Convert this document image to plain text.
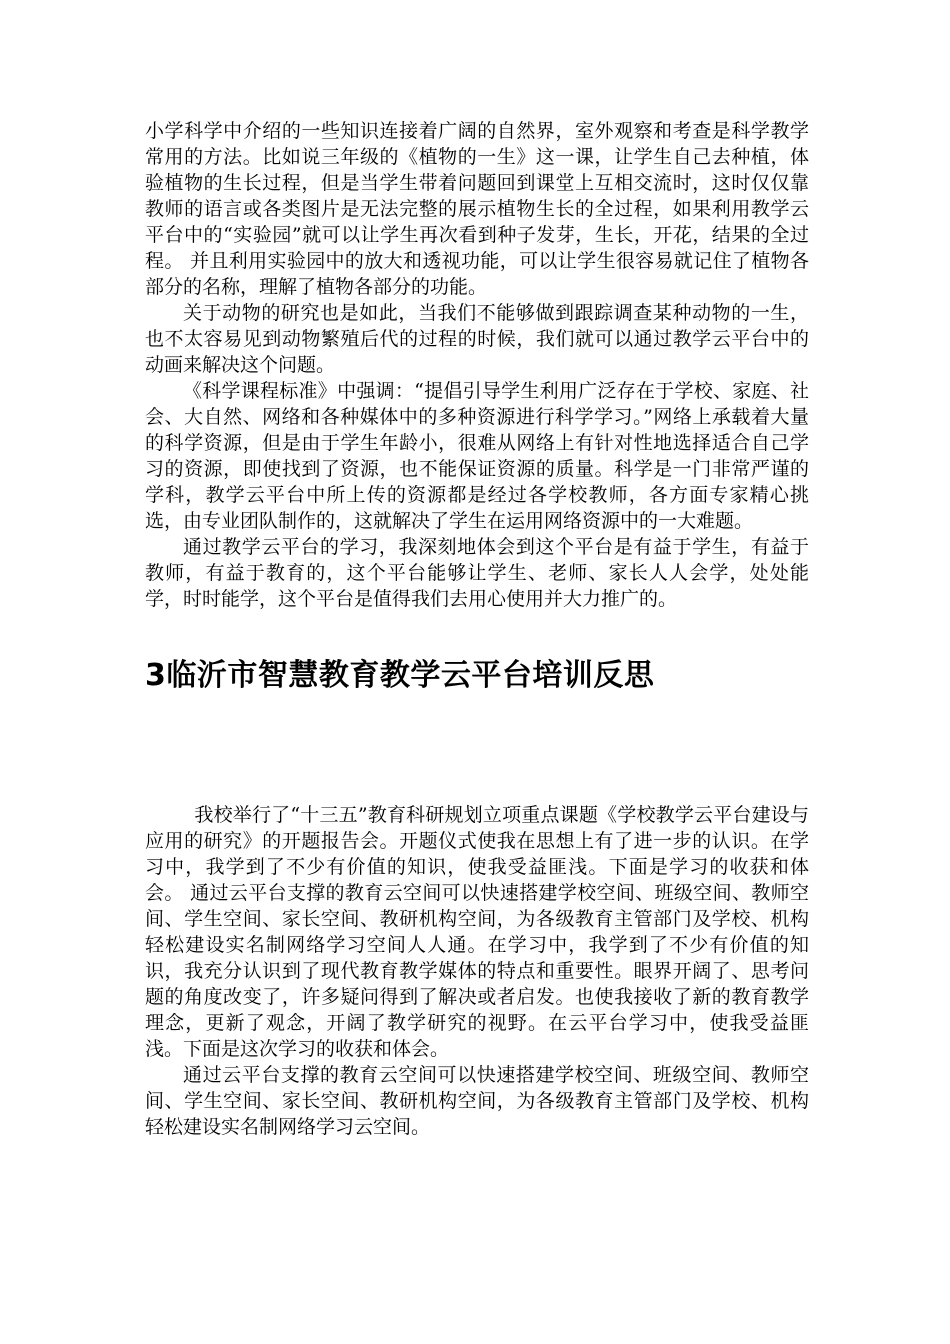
小学科学中介绍的一些知识连接着广阔的自然界，室外观察和考查是科学教学常用的方法。比如说三年级的《植物的一生》这一课，让学生自己去种植，体验植物的生长过程，但是当学生带着问题回到课堂上互相交流时，这时仅仅靠教师的语言或各类图片是无法完整的展示植物生长的全过程，如果利用教学云平台中的“实验园”就可以让学生再次看到种子发芽，生长，开花，结果的全过程。 并且利用实验园中的放大和透视功能，可以让学生很容易就记住了植物各部分的名称，理解了植物各部分的功能。

关于动物的研究也是如此，当我们不能够做到跟踪调查某种动物的一生，也不太容易见到动物繁殖后代的过程的时候，我们就可以通过教学云平台中的动画来解决这个问题。

《科学课程标准》中强调：“提倡引导学生利用广泛存在于学校、家庭、社会、大自然、网络和各种媒体中的多种资源进行科学学习。”网络上承载着大量的科学资源，但是由于学生年龄小，很难从网络上有针对性地选择适合自己学习的资源，即使找到了资源，也不能保证资源的质量。科学是一门非常严谨的学科，教学云平台中所上传的资源都是经过各学校教师，各方面专家精心挑选，由专业团队制作的，这就解决了学生在运用网络资源中的一大难题。

通过教学云平台的学习，我深刻地体会到这个平台是有益于学生，有益于教师，有益于教育的，这个平台能够让学生、老师、家长人人会学，处处能学，时时能学，这个平台是值得我们去用心使用并大力推广的。

3临沂市智慧教育教学云平台培训反思

我校举行了“十三五”教育科研规划立项重点课题《学校教学云平台建设与应用的研究》的开题报告会。开题仪式使我在思想上有了进一步的认识。在学习中，我学到了不少有价值的知识，使我受益匪浅。下面是学习的收获和体会。 通过云平台支撑的教育云空间可以快速搭建学校空间、班级空间、教师空间、学生空间、家长空间、教研机构空间，为各级教育主管部门及学校、机构轻松建设实名制网络学习空间人人通。在学习中，我学到了不少有价值的知识，我充分认识到了现代教育教学媒体的特点和重要性。眼界开阔了、思考问题的角度改变了，许多疑问得到了解决或者启发。也使我接收了新的教育教学理念，更新了观念，开阔了教学研究的视野。在云平台学习中，使我受益匪浅。下面是这次学习的收获和体会。

通过云平台支撑的教育云空间可以快速搭建学校空间、班级空间、教师空间、学生空间、家长空间、教研机构空间，为各级教育主管部门及学校、机构轻松建设实名制网络学习云空间。
